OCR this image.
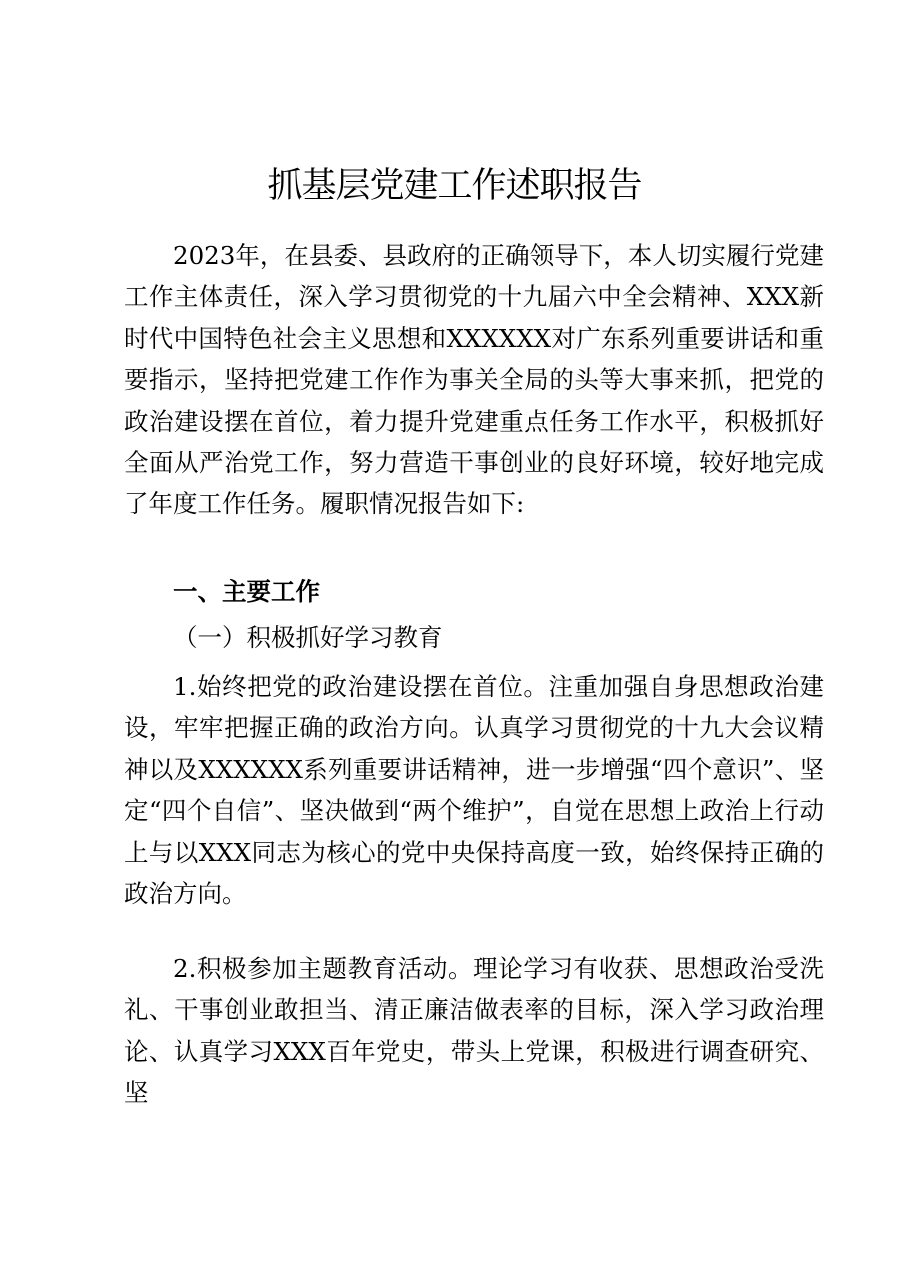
抓基层党建工作述职报告

2023年，在县委、县政府的正确领导下，本人切实履行党建工作主体责任，深入学习贯彻党的十九届六中全会精神、XXX新时代中国特色社会主义思想和XXXXXX对广东系列重要讲话和重要指示，坚持把党建工作作为事关全局的头等大事来抓，把党的政治建设摆在首位，着力提升党建重点任务工作水平，积极抓好全面从严治党工作，努力营造干事创业的良好环境，较好地完成了年度工作任务。履职情况报告如下:

一、主要工作
（一）积极抓好学习教育

1.始终把党的政治建设摆在首位。注重加强自身思想政治建设，牢牢把握正确的政治方向。认真学习贯彻党的十九大会议精神以及XXXXXX系列重要讲话精神，进一步增强“四个意识”、坚定“四个自信”、坚决做到“两个维护”，自觉在思想上政治上行动上与以XXX同志为核心的党中央保持高度一致，始终保持正确的政治方向。

2.积极参加主题教育活动。理论学习有收获、思想政治受洗礼、干事创业敢担当、清正廉洁做表率的目标，深入学习政治理论、认真学习XXX百年党史，带头上党课，积极进行调查研究、坚
